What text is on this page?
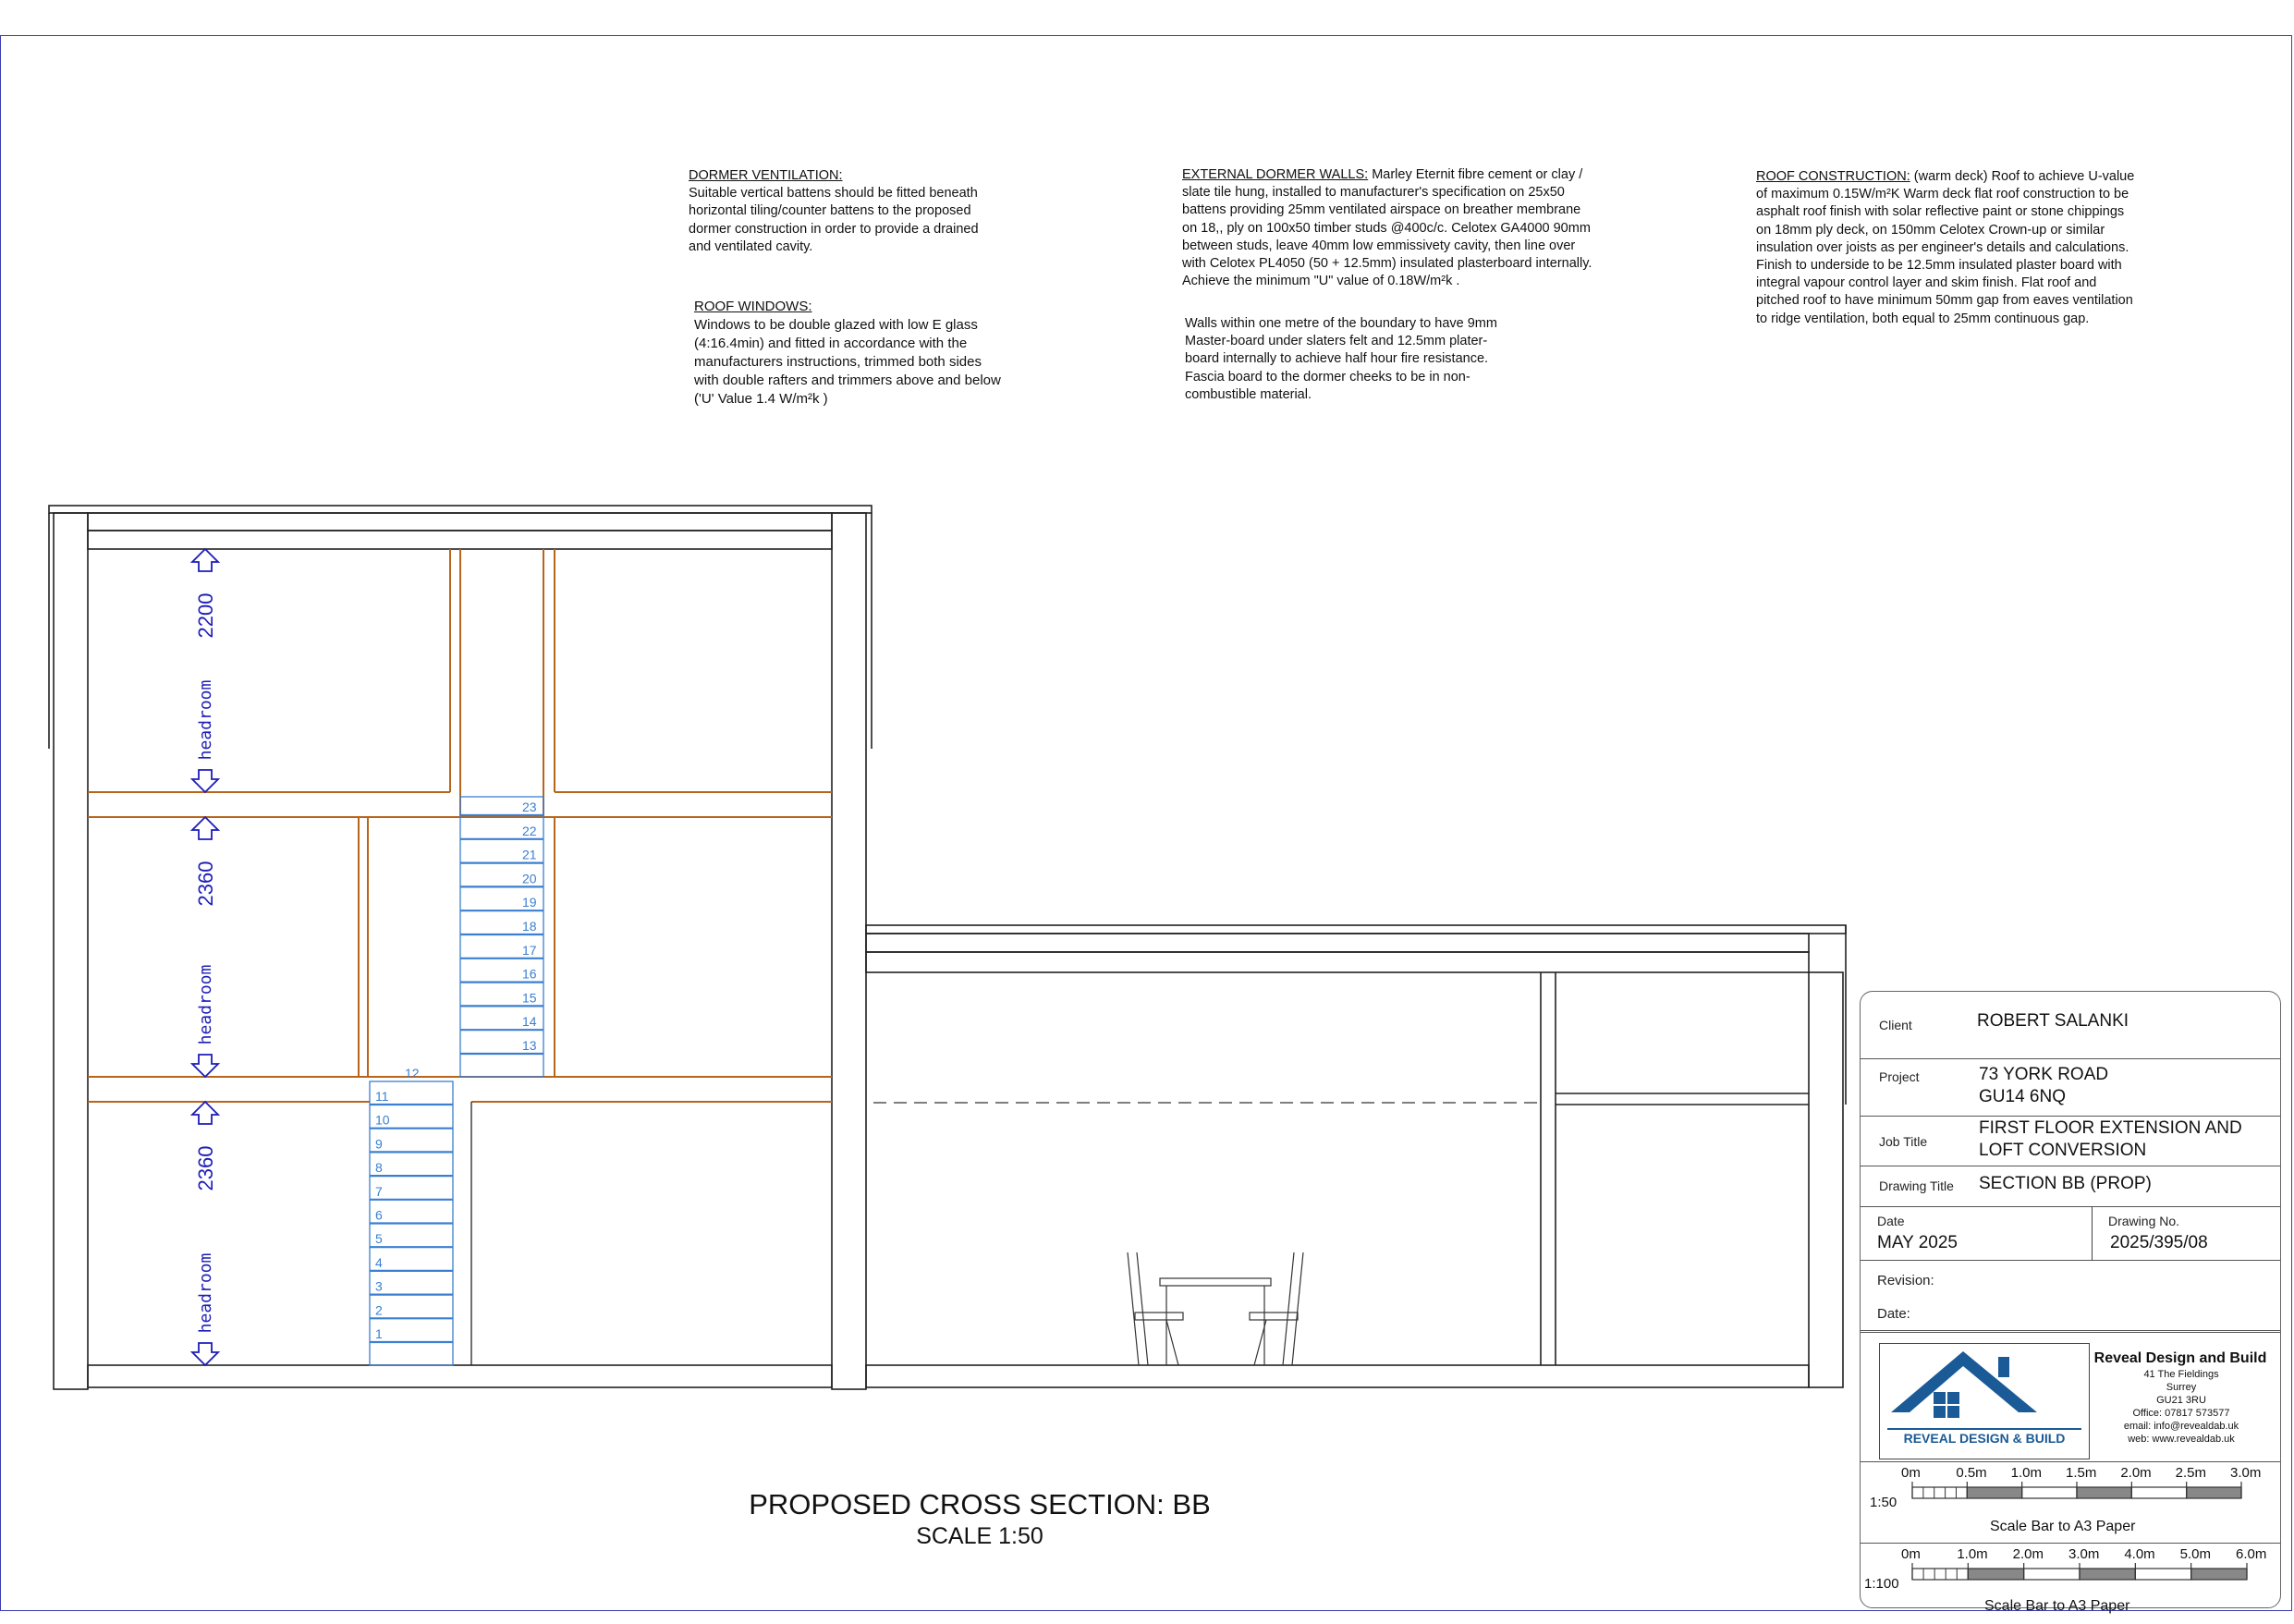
DORMER VENTILATION:

Suitable vertical battens should be fitted beneath
horizontal tiling/counter battens to the proposed
dormer construction in order to provide a drained
and ventilated cavity.

ROOF WINDOWS:

Windows to be double glazed with low E glass
(4:16.4min) and fitted in accordance with the
manufacturers instructions, trimmed both sides
with double rafters and trimmers above and below
('U' Value 1.4 W/m²k )

EXTERNAL DORMER WALLS: Marley Eternit fibre cement or clay /

slate tile hung, installed to manufacturer's specification on 25x50
battens providing 25mm ventilated airspace on breather membrane
on 18,, ply on 100x50 timber studs @400c/c. Celotex GA4000 90mm
between studs, leave 40mm low emmissivety cavity, then line over
with Celotex PL4050 (50 + 12.5mm) insulated plasterboard internally.
Achieve the minimum "U" value of 0.18W/m²k .

Walls within one metre of the boundary to have 9mm
Master-board under slaters felt and 12.5mm plater-
board internally to achieve half hour fire resistance.
Fascia board to the dormer cheeks to be in non-
combustible material.

ROOF CONSTRUCTION: (warm deck) Roof to achieve U-value

of maximum 0.15W/m²K Warm deck flat roof construction to be
asphalt roof finish with solar reflective paint or stone chippings
on 18mm ply deck, on 150mm Celotex Crown-up or similar
insulation over joists as per engineer's details and calculations.
Finish to underside to be 12.5mm insulated plaster board with
integral vapour control layer and skim finish. Flat roof and
pitched roof to have minimum 50mm gap from eaves ventilation
to ridge ventilation, both equal to 25mm continuous gap.

1
2
3
4
5
6
7
8
9
10
11
12
13
14
15
16
17
18
19
20
21
22
23
2200
headroom
2360
headroom
2360
headroom
PROPOSED CROSS SECTION: BB
SCALE 1:50
Client	ROBERT SALANKI
Project	73 YORK ROAD
GU14 6NQ
Job Title
FIRST FLOOR EXTENSION AND
LOFT CONVERSION
Drawing Title SECTION BB (PROP)
Date
MAY 2025
Drawing No.
2025/395/08
Revision:
Date:
REVEAL DESIGN & BUILD
Reveal Design and Build
41 The Fieldings
Surrey
GU21 3RU
Office: 07817 573577
email: info@revealdab.uk
web: www.revealdab.uk
0m	0.5m 1.0m 1.5m 2.0m 2.5m 3.0m
1:50
Scale Bar to A3 Paper
0m	1.0m 2.0m 3.0m 4.0m 5.0m 6.0m
1:100
Scale Bar to A3 Paper
